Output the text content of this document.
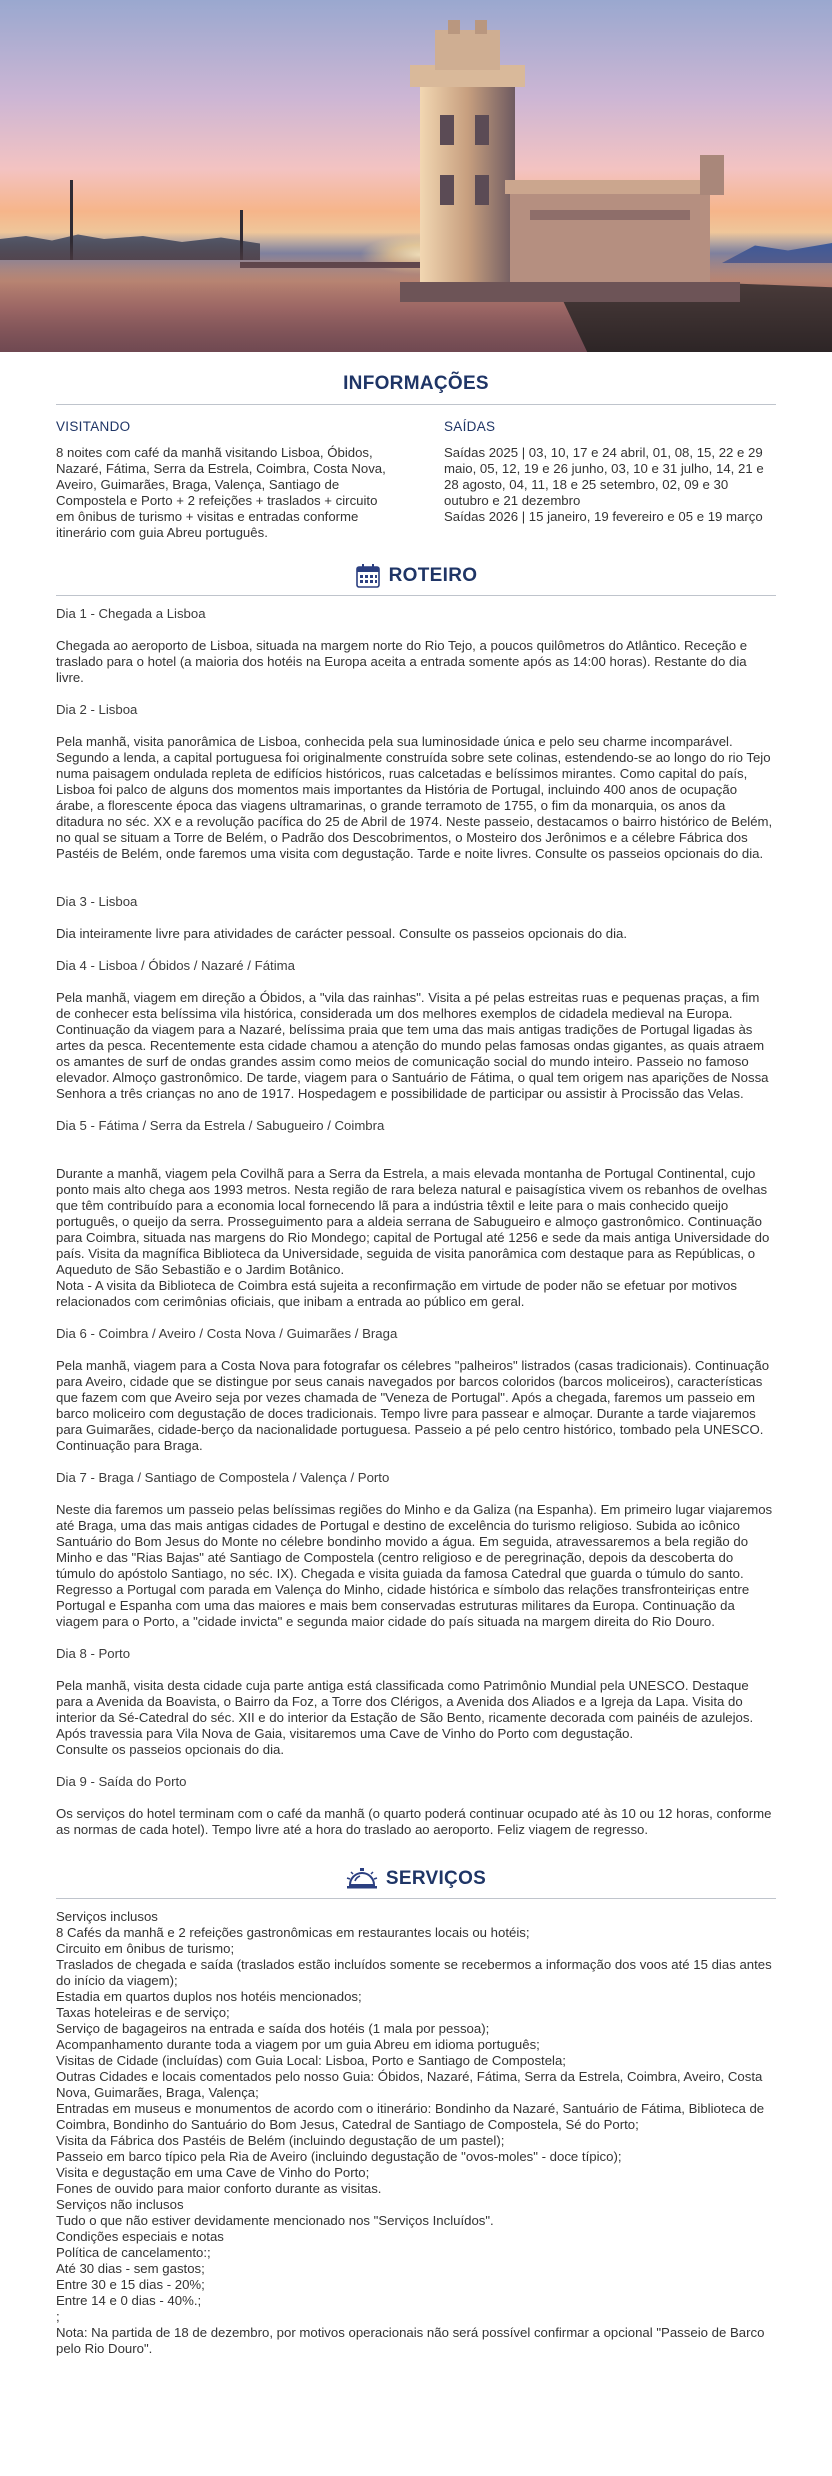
INFORMAÇÕES
VISITANDO

8 noites com café da manhã visitando Lisboa, Óbidos, Nazaré, Fátima, Serra da Estrela, Coimbra, Costa Nova, Aveiro, Guimarães, Braga, Valença, Santiago de Compostela e Porto + 2 refeições + traslados + circuito em ônibus de turismo + visitas e entradas conforme itinerário com guia Abreu português.

SAÍDAS

Saídas 2025 | 03, 10, 17 e 24 abril, 01, 08, 15, 22 e 29 maio, 05, 12, 19 e 26 junho, 03, 10 e 31 julho, 14, 21 e 28 agosto, 04, 11, 18 e 25 setembro, 02, 09 e 30 outubro e 21 dezembro

Saídas 2026 | 15 janeiro, 19 fevereiro e 05 e 19 março

ROTEIRO

Dia 1 - Chegada a Lisboa

Chegada ao aeroporto de Lisboa, situada na margem norte do Rio Tejo, a poucos quilômetros do Atlântico. Receção e traslado para o hotel (a maioria dos hotéis na Europa aceita a entrada somente após as 14:00 horas). Restante do dia livre.

Dia 2 - Lisboa

Pela manhã, visita panorâmica de Lisboa, conhecida pela sua luminosidade única e pelo seu charme incomparável. Segundo a lenda, a capital portuguesa foi originalmente construída sobre sete colinas, estendendo-se ao longo do rio Tejo numa paisagem ondulada repleta de edifícios históricos, ruas calcetadas e belíssimos mirantes. Como capital do país, Lisboa foi palco de alguns dos momentos mais importantes da História de Portugal, incluindo 400 anos de ocupação árabe, a florescente época das viagens ultramarinas, o grande terramoto de 1755, o fim da monarquia, os anos da ditadura no séc. XX e a revolução pacífica do 25 de Abril de 1974. Neste passeio, destacamos o bairro histórico de Belém, no qual se situam a Torre de Belém, o Padrão dos Descobrimentos, o Mosteiro dos Jerônimos e a célebre Fábrica dos Pastéis de Belém, onde faremos uma visita com degustação. Tarde e noite livres. Consulte os passeios opcionais do dia.

Dia 3 - Lisboa

Dia inteiramente livre para atividades de carácter pessoal. Consulte os passeios opcionais do dia.

Dia 4 - Lisboa / Óbidos / Nazaré / Fátima

Pela manhã, viagem em direção a Óbidos, a "vila das rainhas". Visita a pé pelas estreitas ruas e pequenas praças, a fim de conhecer esta belíssima vila histórica, considerada um dos melhores exemplos de cidadela medieval na Europa. Continuação da viagem para a Nazaré, belíssima praia que tem uma das mais antigas tradições de Portugal ligadas às artes da pesca. Recentemente esta cidade chamou a atenção do mundo pelas famosas ondas gigantes, as quais atraem os amantes de surf de ondas grandes assim como meios de comunicação social do mundo inteiro. Passeio no famoso elevador. Almoço gastronômico. De tarde, viagem para o Santuário de Fátima, o qual tem origem nas aparições de Nossa Senhora a três crianças no ano de 1917. Hospedagem e possibilidade de participar ou assistir à Procissão das Velas.

Dia 5 - Fátima / Serra da Estrela / Sabugueiro / Coimbra

Durante a manhã, viagem pela Covilhã para a Serra da Estrela, a mais elevada montanha de Portugal Continental, cujo ponto mais alto chega aos 1993 metros. Nesta região de rara beleza natural e paisagística vivem os rebanhos de ovelhas que têm contribuído para a economia local fornecendo lã para a indústria têxtil e leite para o mais conhecido queijo português, o queijo da serra. Prosseguimento para a aldeia serrana de Sabugueiro e almoço gastronômico. Continuação para Coimbra, situada nas margens do Rio Mondego; capital de Portugal até 1256 e sede da mais antiga Universidade do país. Visita da magnífica Biblioteca da Universidade, seguida de visita panorâmica com destaque para as Repúblicas, o Aqueduto de São Sebastião e o Jardim Botânico.
Nota - A visita da Biblioteca de Coimbra está sujeita a reconfirmação em virtude de poder não se efetuar por motivos relacionados com cerimônias oficiais, que inibam a entrada ao público em geral.

Dia 6 - Coimbra / Aveiro / Costa Nova / Guimarães / Braga

Pela manhã, viagem para a Costa Nova para fotografar os célebres "palheiros" listrados (casas tradicionais). Continuação para Aveiro, cidade que se distingue por seus canais navegados por barcos coloridos (barcos moliceiros), características que fazem com que Aveiro seja por vezes chamada de "Veneza de Portugal". Após a chegada, faremos um passeio em barco moliceiro com degustação de doces tradicionais. Tempo livre para passear e almoçar. Durante a tarde viajaremos para Guimarães, cidade-berço da nacionalidade portuguesa. Passeio a pé pelo centro histórico, tombado pela UNESCO. Continuação para Braga.

Dia 7 - Braga / Santiago de Compostela / Valença / Porto

Neste dia faremos um passeio pelas belíssimas regiões do Minho e da Galiza (na Espanha). Em primeiro lugar viajaremos até Braga, uma das mais antigas cidades de Portugal e destino de excelência do turismo religioso. Subida ao icônico Santuário do Bom Jesus do Monte no célebre bondinho movido a água. Em seguida, atravessaremos a bela região do Minho e das "Rias Bajas" até Santiago de Compostela (centro religioso e de peregrinação, depois da descoberta do túmulo do apóstolo Santiago, no séc. IX). Chegada e visita guiada da famosa Catedral que guarda o túmulo do santo. Regresso a Portugal com parada em Valença do Minho, cidade histórica e símbolo das relações transfronteiriças entre Portugal e Espanha com uma das maiores e mais bem conservadas estruturas militares da Europa. Continuação da viagem para o Porto, a "cidade invicta" e segunda maior cidade do país situada na margem direita do Rio Douro.

Dia 8 - Porto

Pela manhã, visita desta cidade cuja parte antiga está classificada como Patrimônio Mundial pela UNESCO. Destaque para a Avenida da Boavista, o Bairro da Foz, a Torre dos Clérigos, a Avenida dos Aliados e a Igreja da Lapa. Visita do interior da Sé-Catedral do séc. XII e do interior da Estação de São Bento, ricamente decorada com painéis de azulejos. Após travessia para Vila Nova de Gaia, visitaremos uma Cave de Vinho do Porto com degustação.
Consulte os passeios opcionais do dia.

Dia 9 - Saída do Porto

Os serviços do hotel terminam com o café da manhã (o quarto poderá continuar ocupado até às 10 ou 12 horas, conforme as normas de cada hotel). Tempo livre até a hora do traslado ao aeroporto. Feliz viagem de regresso.

SERVIÇOS
Serviços inclusos
8 Cafés da manhã e 2 refeições gastronômicas em restaurantes locais ou hotéis;
Circuito em ônibus de turismo;
Traslados de chegada e saída (traslados estão incluídos somente se recebermos a informação dos voos até 15 dias antes do início da viagem);
Estadia em quartos duplos nos hotéis mencionados;
Taxas hoteleiras e de serviço;
Serviço de bagageiros na entrada e saída dos hotéis (1 mala por pessoa);
Acompanhamento durante toda a viagem por um guia Abreu em idioma português;
Visitas de Cidade (incluídas) com Guia Local: Lisboa, Porto e Santiago de Compostela;
Outras Cidades e locais comentados pelo nosso Guia: Óbidos, Nazaré, Fátima, Serra da Estrela, Coimbra, Aveiro, Costa Nova, Guimarães, Braga, Valença;
Entradas em museus e monumentos de acordo com o itinerário: Bondinho da Nazaré, Santuário de Fátima, Biblioteca de Coimbra, Bondinho do Santuário do Bom Jesus, Catedral de Santiago de Compostela, Sé do Porto;
Visita da Fábrica dos Pastéis de Belém (incluindo degustação de um pastel);
Passeio em barco típico pela Ria de Aveiro (incluindo degustação de "ovos-moles" - doce típico);
Visita e degustação em uma Cave de Vinho do Porto;
Fones de ouvido para maior conforto durante as visitas.
Serviços não inclusos
Tudo o que não estiver devidamente mencionado nos "Serviços Incluídos".
Condições especiais e notas
Política de cancelamento:;
Até 30 dias - sem gastos;
Entre 30 e 15 dias - 20%;
Entre 14 e 0 dias - 40%.;
;
Nota: Na partida de 18 de dezembro, por motivos operacionais não será possível confirmar a opcional "Passeio de Barco pelo Rio Douro".
